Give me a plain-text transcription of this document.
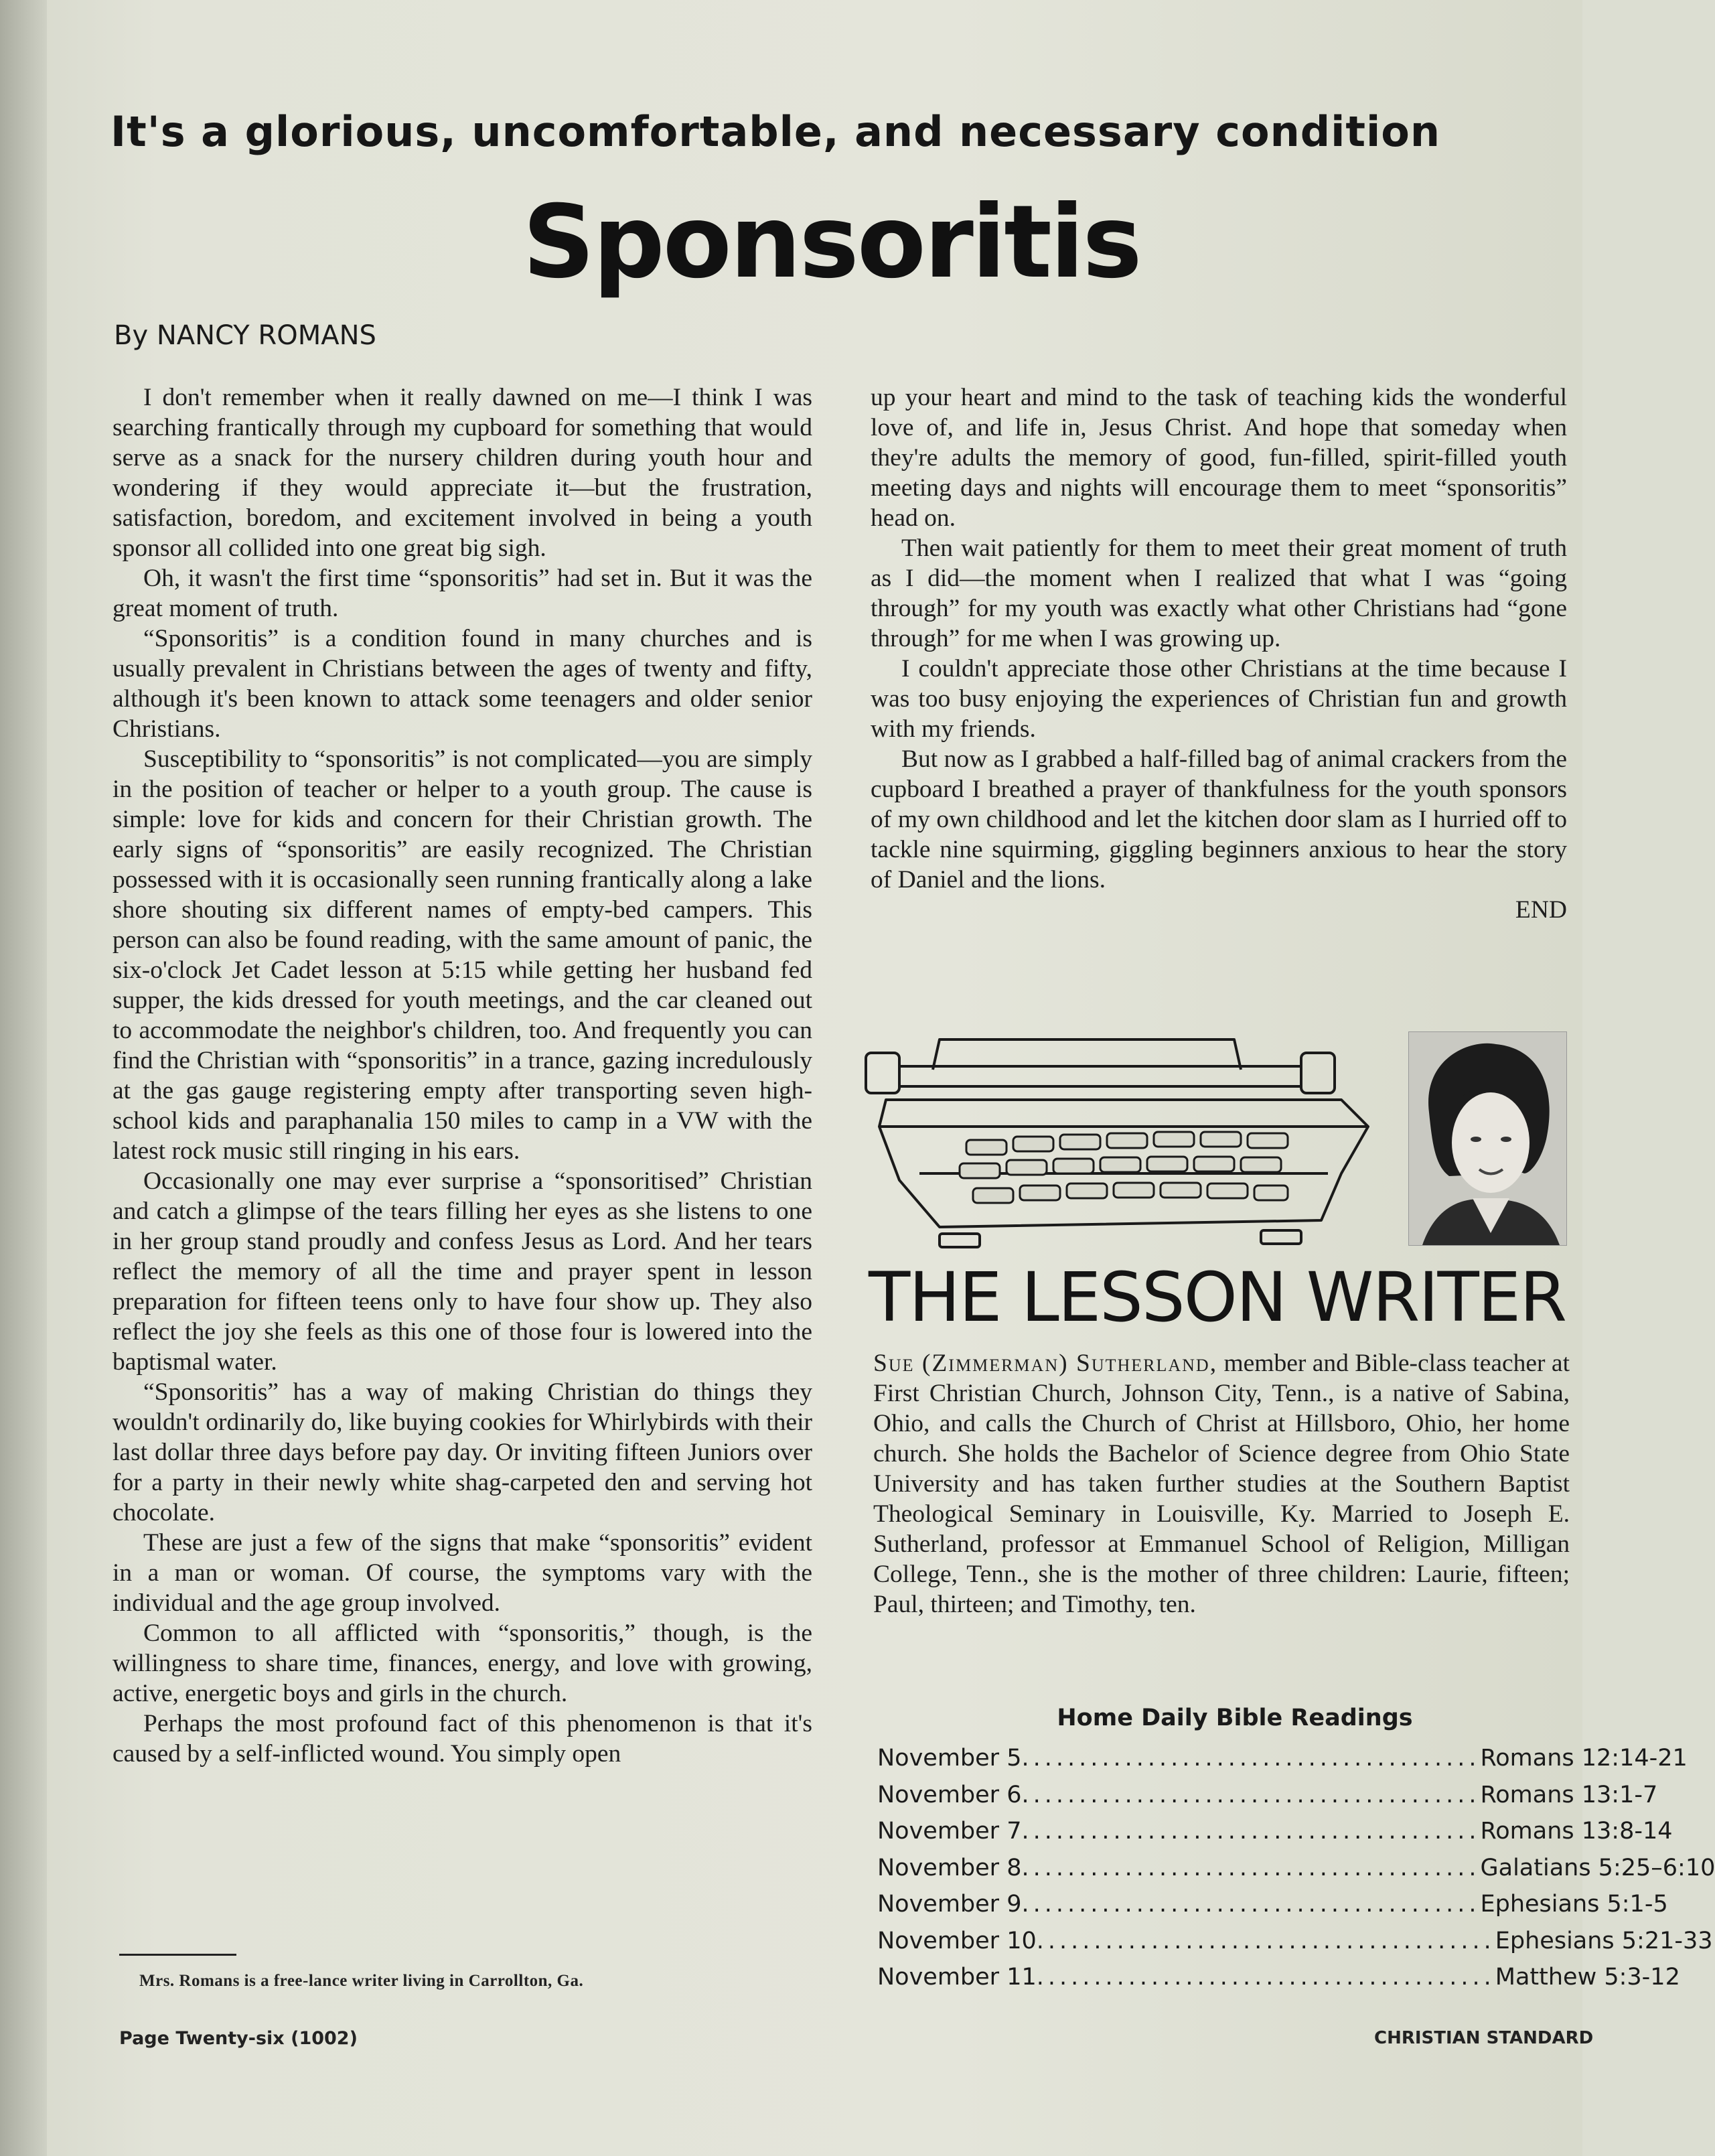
It's a glorious, uncomfortable, and necessary condition
Sponsoritis
By NANCY ROMANS

I don't remember when it really dawned on me—I think I was searching frantically through my cupboard for something that would serve as a snack for the nursery children during youth hour and wondering if they would appreciate it—but the frustration, satisfaction, boredom, and excitement involved in being a youth sponsor all collided into one great big sigh.

Oh, it wasn't the first time “sponsoritis” had set in. But it was the great moment of truth.

“Sponsoritis” is a condition found in many churches and is usually prevalent in Christians between the ages of twenty and fifty, although it's been known to attack some teenagers and older senior Christians.

Susceptibility to “sponsoritis” is not complicated—you are simply in the position of teacher or helper to a youth group. The cause is simple: love for kids and concern for their Christian growth. The early signs of “sponsoritis” are easily recognized. The Christian possessed with it is occasionally seen running frantically along a lake shore shouting six different names of empty-bed campers. This person can also be found reading, with the same amount of panic, the six-o'clock Jet Cadet lesson at 5:15 while getting her husband fed supper, the kids dressed for youth meetings, and the car cleaned out to accommodate the neighbor's children, too. And frequently you can find the Christian with “sponsoritis” in a trance, gazing incredulously at the gas gauge registering empty after transporting seven high-school kids and paraphanalia 150 miles to camp in a VW with the latest rock music still ringing in his ears.

Occasionally one may ever surprise a “sponsoritised” Christian and catch a glimpse of the tears filling her eyes as she listens to one in her group stand proudly and confess Jesus as Lord. And her tears reflect the memory of all the time and prayer spent in lesson preparation for fifteen teens only to have four show up. They also reflect the joy she feels as this one of those four is lowered into the baptismal water.

“Sponsoritis” has a way of making Christian do things they wouldn't ordinarily do, like buying cookies for Whirlybirds with their last dollar three days before pay day. Or inviting fifteen Juniors over for a party in their newly white shag-carpeted den and serving hot chocolate.

These are just a few of the signs that make “sponsoritis” evident in a man or woman. Of course, the symptoms vary with the individual and the age group involved.

Common to all afflicted with “sponsoritis,” though, is the willingness to share time, finances, energy, and love with growing, active, energetic boys and girls in the church.

Perhaps the most profound fact of this phenomenon is that it's caused by a self-inflicted wound. You simply open

up your heart and mind to the task of teaching kids the wonderful love of, and life in, Jesus Christ. And hope that someday when they're adults the memory of good, fun-filled, spirit-filled youth meeting days and nights will encourage them to meet “sponsoritis” head on.

Then wait patiently for them to meet their great moment of truth as I did—the moment when I realized that what I was “going through” for my youth was exactly what other Christians had “gone through” for me when I was growing up.

I couldn't appreciate those other Christians at the time because I was too busy enjoying the experiences of Christian fun and growth with my friends.

But now as I grabbed a half-filled bag of animal crackers from the cupboard I breathed a prayer of thankfulness for the youth sponsors of my own childhood and let the kitchen door slam as I hurried off to tackle nine squirming, giggling beginners anxious to hear the story of Daniel and the lions.

END
Mrs. Romans is a free-lance writer living in Carrollton, Ga.
THE LESSON WRITER
Sue (Zimmerman) Sutherland, member and Bible-class teacher at First Christian Church, Johnson City, Tenn., is a native of Sabina, Ohio, and calls the Church of Christ at Hillsboro, Ohio, her home church. She holds the Bachelor of Science degree from Ohio State University and has taken further studies at the Southern Baptist Theological Seminary in Louisville, Ky. Married to Joseph E. Sutherland, professor at Emmanuel School of Religion, Milligan College, Tenn., she is the mother of three children: Laurie, fifteen; Paul, thirteen; and Timothy, ten.
Home Daily Bible Readings
November 5 ........................................ Romans 12:14-21
November 6 ........................................ Romans 13:1-7
November 7 ........................................ Romans 13:8-14
November 8 ........................................ Galatians 5:25–6:10
November 9 ........................................ Ephesians 5:1-5
November 10 ........................................ Ephesians 5:21-33
November 11 ........................................ Matthew 5:3-12
Page Twenty-six (1002)	CHRISTIAN STANDARD
